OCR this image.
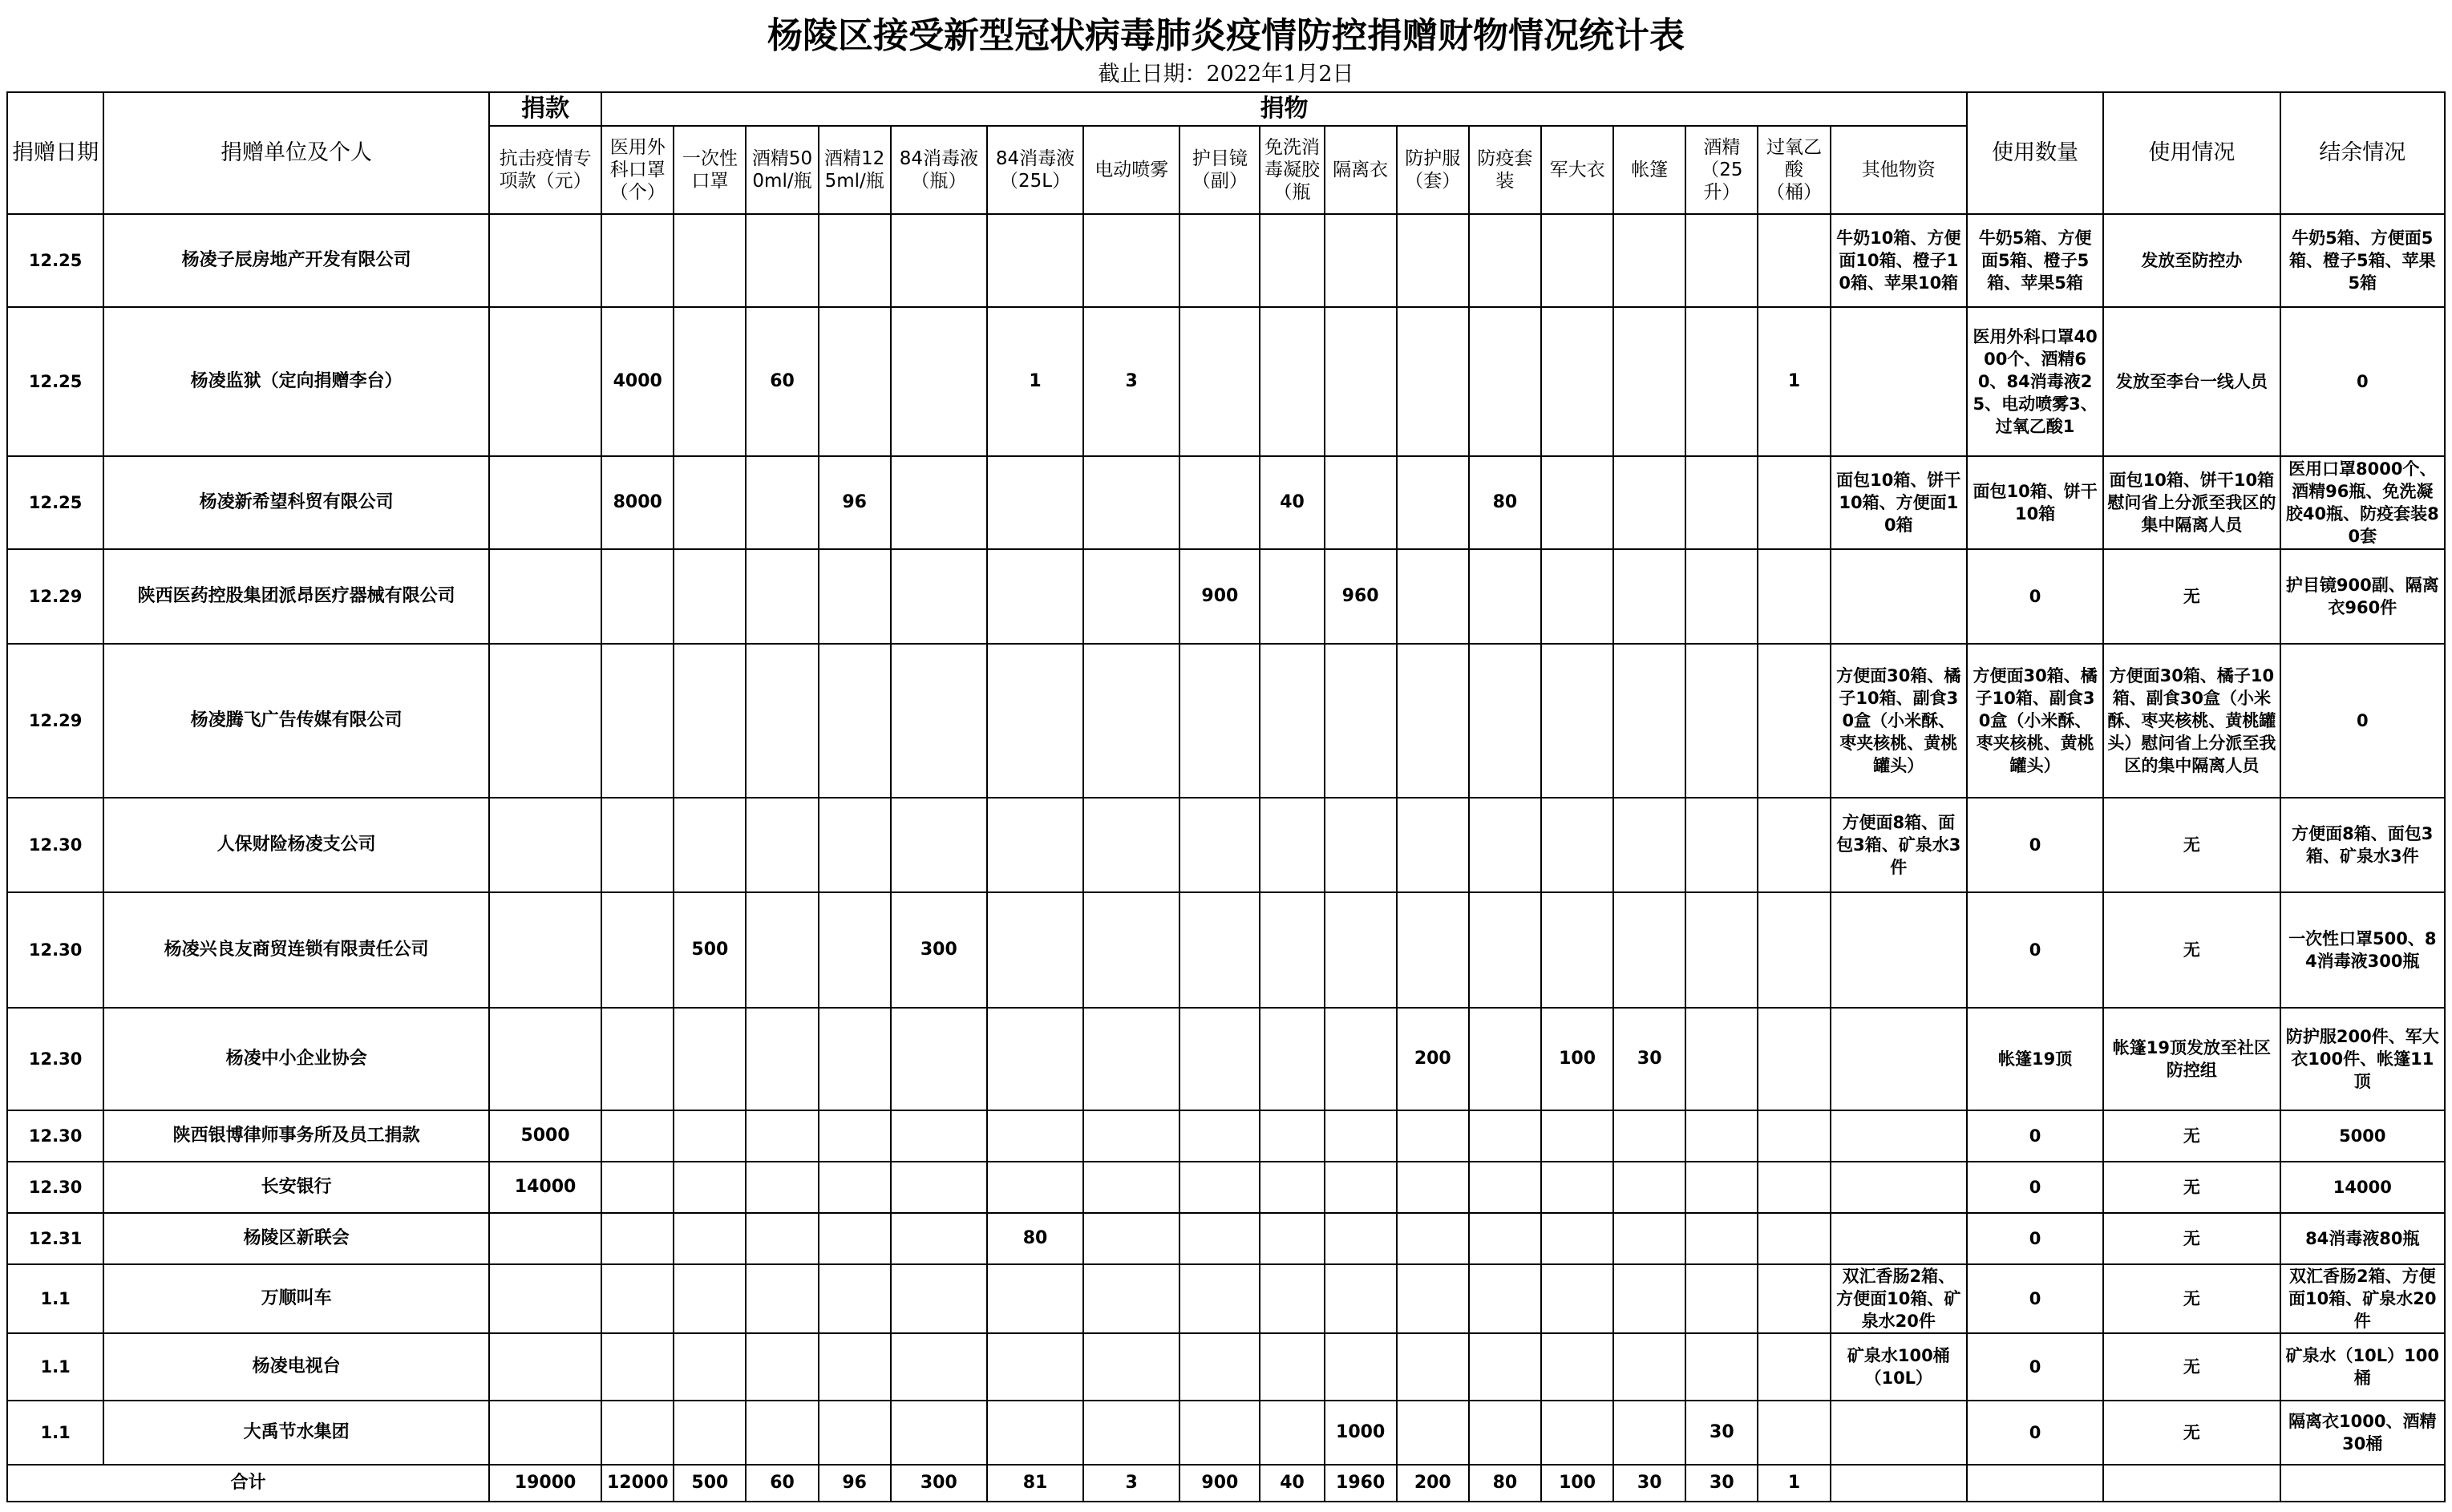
杨陵区接受新型冠状病毒肺炎疫情防控捐赠财物情况统计表
截止日期：2022年1月2日
捐赠日期	捐赠单位及个人	捐款	捐物																	使用数量	使用情况	结余情况
		抗击疫情专项款（元）	医用外科口罩（个）	一次性口罩	酒精500ml/瓶	酒精125ml/瓶	84消毒液（瓶）	84消毒液（25L）	电动喷雾	护目镜（副）	免洗消毒凝胶（瓶	隔离衣	防护服（套）	防疫套装	军大衣	帐篷	酒精（25升）	过氧乙酸（桶）	其他物资			
12.25	杨凌子辰房地产开发有限公司																		牛奶10箱、方便面10箱、橙子10箱、苹果10箱	牛奶5箱、方便面5箱、橙子5箱、苹果5箱	发放至防控办	牛奶5箱、方便面5箱、橙子5箱、苹果5箱
12.25	杨凌监狱（定向捐赠李台）		4000		60			1	3									1		医用外科口罩4000个、酒精60、84消毒液25、电动喷雾3、过氧乙酸1	发放至李台一线人员	0
12.25	杨凌新希望科贸有限公司		8000			96					40			80					面包10箱、饼干10箱、方便面10箱	面包10箱、饼干10箱	面包10箱、饼干10箱慰问省上分派至我区的集中隔离人员	医用口罩8000个、酒精96瓶、免洗凝胶40瓶、防疫套装80套
12.29	陕西医药控股集团派昂医疗器械有限公司									900		960								0	无	护目镜900副、隔离衣960件
12.29	杨凌腾飞广告传媒有限公司																		方便面30箱、橘子10箱、副食30盒（小米酥、枣夹核桃、黄桃罐头）	方便面30箱、橘子10箱、副食30盒（小米酥、枣夹核桃、黄桃罐头）	方便面30箱、橘子10箱、副食30盒（小米酥、枣夹核桃、黄桃罐头）慰问省上分派至我区的集中隔离人员	0
12.30	人保财险杨凌支公司																		方便面8箱、面包3箱、矿泉水3件	0	无	方便面8箱、面包3箱、矿泉水3件
12.30	杨凌兴良友商贸连锁有限责任公司			500			300													0	无	一次性口罩500、84消毒液300瓶
12.30	杨凌中小企业协会												200		100	30				帐篷19顶	帐篷19顶发放至社区防控组	防护服200件、军大衣100件、帐篷11顶
12.30	陕西银博律师事务所及员工捐款	5000																		0	无	5000
12.30	长安银行	14000																		0	无	14000
12.31	杨陵区新联会							80												0	无	84消毒液80瓶
1.1	万顺叫车																		双汇香肠2箱、方便面10箱、矿泉水20件	0	无	双汇香肠2箱、方便面10箱、矿泉水20件
1.1	杨凌电视台																		矿泉水100桶（10L）	0	无	矿泉水（10L）100桶
1.1	大禹节水集团											1000					30			0	无	隔离衣1000、酒精30桶
合计		19000	12000	500	60	96	300	81	3	900	40	1960	200	80	100	30	30	1				
